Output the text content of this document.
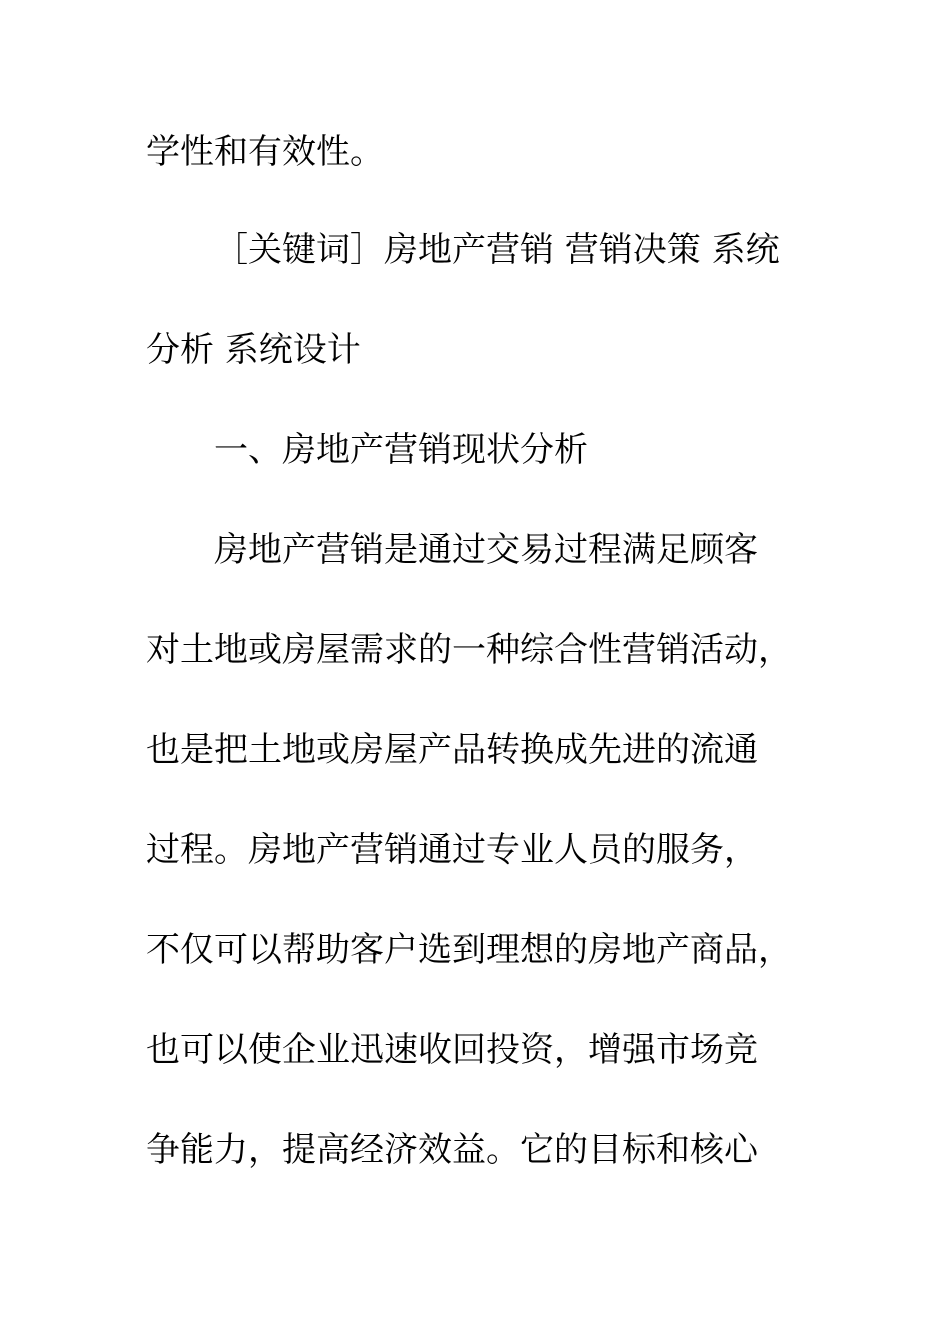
学性和有效性。
［关键词］房地产营销 营销决策 系统
分析 系统设计
一、房地产营销现状分析
房地产营销是通过交易过程满足顾客
对土地或房屋需求的一种综合性营销活动，
也是把土地或房屋产品转换成先进的流通
过程。房地产营销通过专业人员的服务，
不仅可以帮助客户选到理想的房地产商品，
也可以使企业迅速收回投资，增强市场竞
争能力，提高经济效益。它的目标和核心
